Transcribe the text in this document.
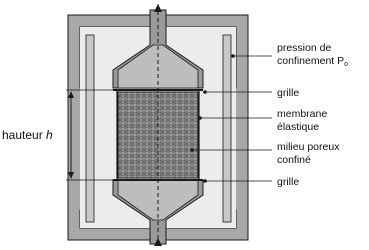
pression de
confinement Po
grille
membrane
élastique
milieu poreux
confiné
grille
hauteur h
